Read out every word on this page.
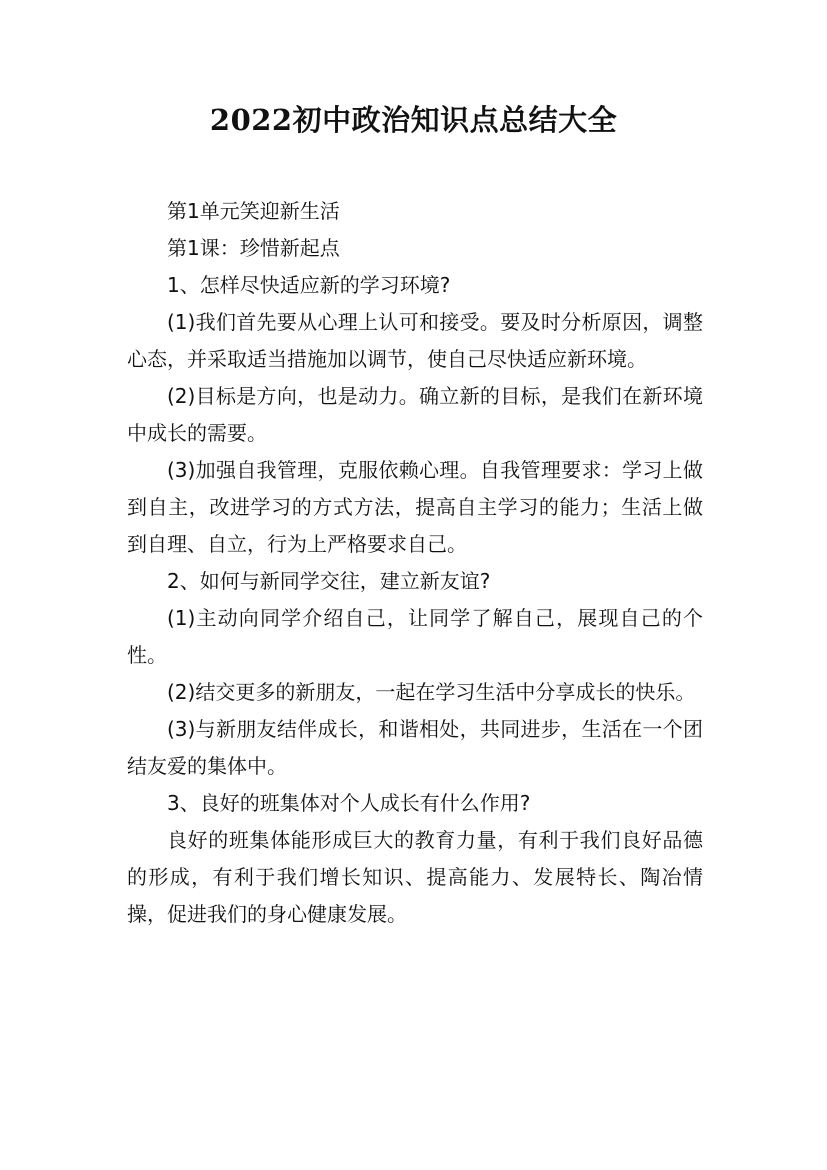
2022初中政治知识点总结大全

第1单元笑迎新生活

第1课：珍惜新起点

1、怎样尽快适应新的学习环境?

(1)我们首先要从心理上认可和接受。要及时分析原因，调整心态，并采取适当措施加以调节，使自己尽快适应新环境。

(2)目标是方向，也是动力。确立新的目标，是我们在新环境中成长的需要。

(3)加强自我管理，克服依赖心理。自我管理要求：学习上做到自主，改进学习的方式方法，提高自主学习的能力；生活上做到自理、自立，行为上严格要求自己。

2、如何与新同学交往，建立新友谊?

(1)主动向同学介绍自己，让同学了解自己，展现自己的个性。

(2)结交更多的新朋友，一起在学习生活中分享成长的快乐。

(3)与新朋友结伴成长，和谐相处，共同进步，生活在一个团结友爱的集体中。

3、良好的班集体对个人成长有什么作用?

良好的班集体能形成巨大的教育力量，有利于我们良好品德的形成，有利于我们增长知识、提高能力、发展特长、陶冶情操，促进我们的身心健康发展。
